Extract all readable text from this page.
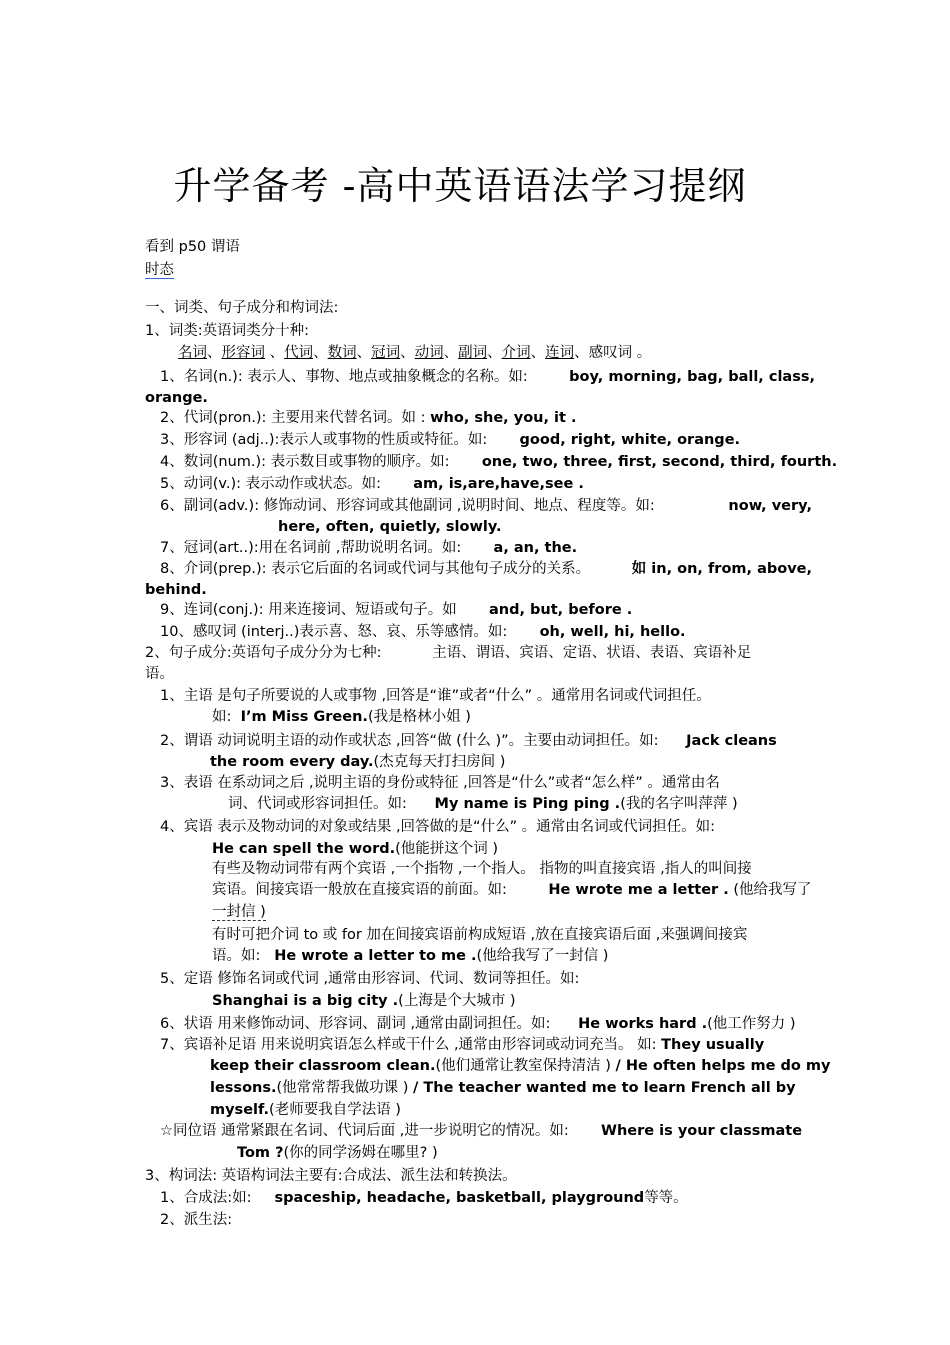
升学备考 -高中英语语法学习提纲
看到 p50 谓语
时态
一、词类、句子成分和构词法:
1、词类:英语词类分十种:
名词、形容词 、代词、数词、冠词、动词、副词、介词、连词、感叹词 。
1、名词(n.): 表示人、事物、地点或抽象概念的名称。如:	boy, morning, bag, ball, class,
orange.
2、代词(pron.): 主要用来代替名词。如 : who, she, you, it .
3、形容词 (adj..):表示人或事物的性质或特征。如: good, right, white, orange.
4、数词(num.): 表示数目或事物的顺序。如: one, two, three, first, second, third, fourth.
5、动词(v.): 表示动作或状态。如: am, is,are,have,see .
6、副词(adv.): 修饰动词、形容词或其他副词 ,说明时间、地点、程度等。如:	now, very,
here, often, quietly, slowly.
7、冠词(art..):用在名词前 ,帮助说明名词。如: a, an, the.
8、介词(prep.): 表示它后面的名词或代词与其他句子成分的关系。	如 in, on, from, above,
behind.
9、连词(conj.): 用来连接词、短语或句子。如 and, but, before .
10、感叹词 (interj..)表示喜、怒、哀、乐等感情。如: oh, well, hi, hello.
2、句子成分:英语句子成分分为七种:	主语、谓语、宾语、定语、状语、表语、宾语补足
语。
1、主语 是句子所要说的人或事物 ,回答是“谁”或者“什么” 。通常用名词或代词担任。
如: I’m Miss Green.(我是格林小姐 )
2、谓语 动词说明主语的动作或状态 ,回答“做 (什么 )”。主要由动词担任。如: Jack cleans
the room every day.(杰克每天打扫房间 )
3、表语 在系动词之后 ,说明主语的身份或特征 ,回答是“什么”或者“怎么样” 。通常由名
词、代词或形容词担任。如: My name is Ping ping .(我的名字叫萍萍 )
4、宾语 表示及物动词的对象或结果 ,回答做的是“什么” 。通常由名词或代词担任。如:
He can spell the word.(他能拼这个词 )
有些及物动词带有两个宾语 ,一个指物 ,一个指人。 指物的叫直接宾语 ,指人的叫间接
宾语。间接宾语一般放在直接宾语的前面。如:	He wrote me a letter . (他给我写了
一封信 )
有时可把介词 to 或 for 加在间接宾语前构成短语 ,放在直接宾语后面 ,来强调间接宾
语。如: He wrote a letter to me .(他给我写了一封信 )
5、定语 修饰名词或代词 ,通常由形容词、代词、数词等担任。如:
Shanghai is a big city .(上海是个大城市 )
6、状语 用来修饰动词、形容词、副词 ,通常由副词担任。如: He works hard .(他工作努力 )
7、宾语补足语 用来说明宾语怎么样或干什么 ,通常由形容词或动词充当。 如: They usually
keep their classroom clean.(他们通常让教室保持清洁 ) / He often helps me do my
lessons.(他常常帮我做功课 ) / The teacher wanted me to learn French all by
myself.(老师要我自学法语 )
☆同位语 通常紧跟在名词、代词后面 ,进一步说明它的情况。如: Where is your classmate
Tom ?(你的同学汤姆在哪里? )
3、构词法: 英语构词法主要有:合成法、派生法和转换法。
1、合成法:如: spaceship, headache, basketball, playground等等。
2、派生法:
